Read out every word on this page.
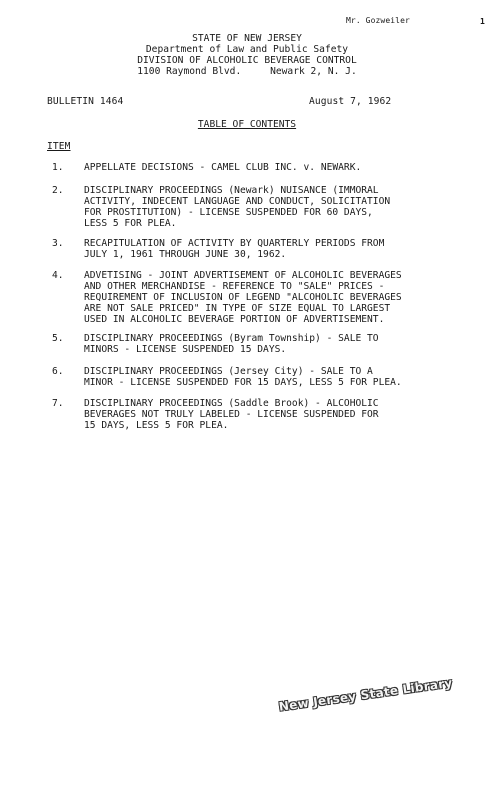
Mr. Gozweiler	1
STATE OF NEW JERSEY
Department of Law and Public Safety
DIVISION OF ALCOHOLIC BEVERAGE CONTROL
1100 Raymond Blvd.     Newark 2, N. J.
BULLETIN 1464	August 7, 1962
TABLE OF CONTENTS
ITEM
1. APPELLATE DECISIONS - CAMEL CLUB INC. v. NEWARK.
2. DISCIPLINARY PROCEEDINGS (Newark) NUISANCE (IMMORAL
ACTIVITY, INDECENT LANGUAGE AND CONDUCT, SOLICITATION
FOR PROSTITUTION) - LICENSE SUSPENDED FOR 60 DAYS,
LESS 5 FOR PLEA.
3. RECAPITULATION OF ACTIVITY BY QUARTERLY PERIODS FROM
JULY 1, 1961 THROUGH JUNE 30, 1962.
4. ADVETISING - JOINT ADVERTISEMENT OF ALCOHOLIC BEVERAGES
AND OTHER MERCHANDISE - REFERENCE TO "SALE" PRICES -
REQUIREMENT OF INCLUSION OF LEGEND "ALCOHOLIC BEVERAGES
ARE NOT SALE PRICED" IN TYPE OF SIZE EQUAL TO LARGEST
USED IN ALCOHOLIC BEVERAGE PORTION OF ADVERTISEMENT.
5. DISCIPLINARY PROCEEDINGS (Byram Township) - SALE TO
MINORS - LICENSE SUSPENDED 15 DAYS.
6. DISCIPLINARY PROCEEDINGS (Jersey City) - SALE TO A
MINOR - LICENSE SUSPENDED FOR 15 DAYS, LESS 5 FOR PLEA.
7. DISCIPLINARY PROCEEDINGS (Saddle Brook) - ALCOHOLIC
BEVERAGES NOT TRULY LABELED - LICENSE SUSPENDED FOR
15 DAYS, LESS 5 FOR PLEA.
New Jersey State Library
